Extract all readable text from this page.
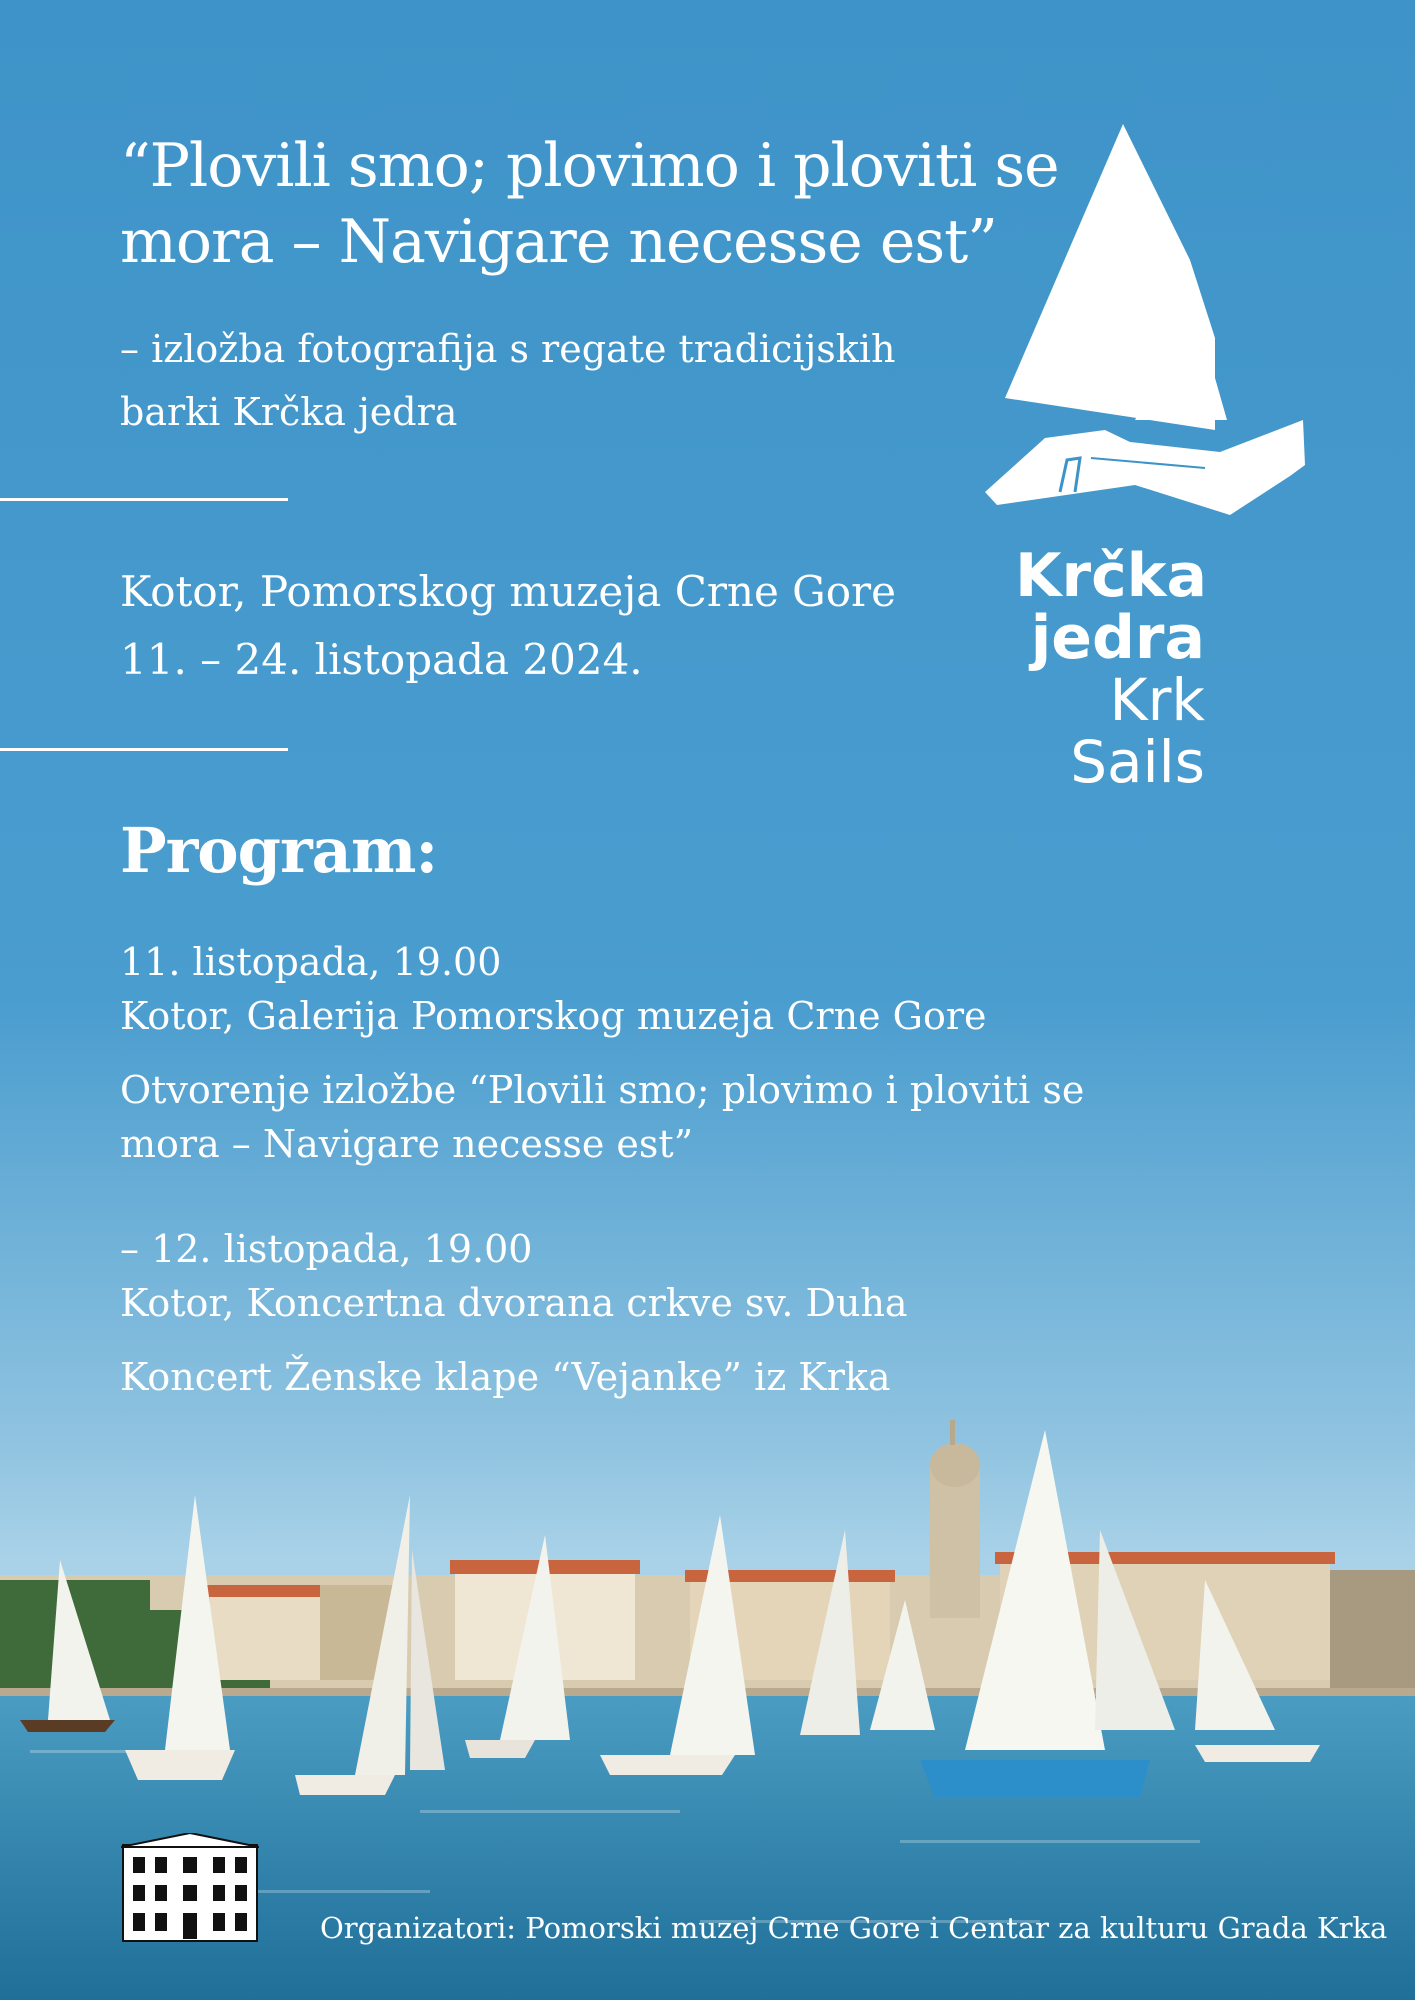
“Plovili smo; plovimo i ploviti se
mora – Navigare necesse est”
– izložba fotografija s regate tradicijskih
barki Krčka jedra
Kotor, Pomorskog muzeja Crne Gore
11. – 24. listopada 2024.
Krčka
jedra
Krk
Sails
Program:
11. listopada, 19.00
Kotor, Galerija Pomorskog muzeja Crne Gore
Otvorenje izložbe “Plovili smo; plovimo i ploviti se
mora – Navigare necesse est”
– 12. listopada, 19.00
Kotor, Koncertna dvorana crkve sv. Duha
Koncert Ženske klape “Vejanke” iz Krka
Organizatori: Pomorski muzej Crne Gore i Centar za kulturu Grada Krka
